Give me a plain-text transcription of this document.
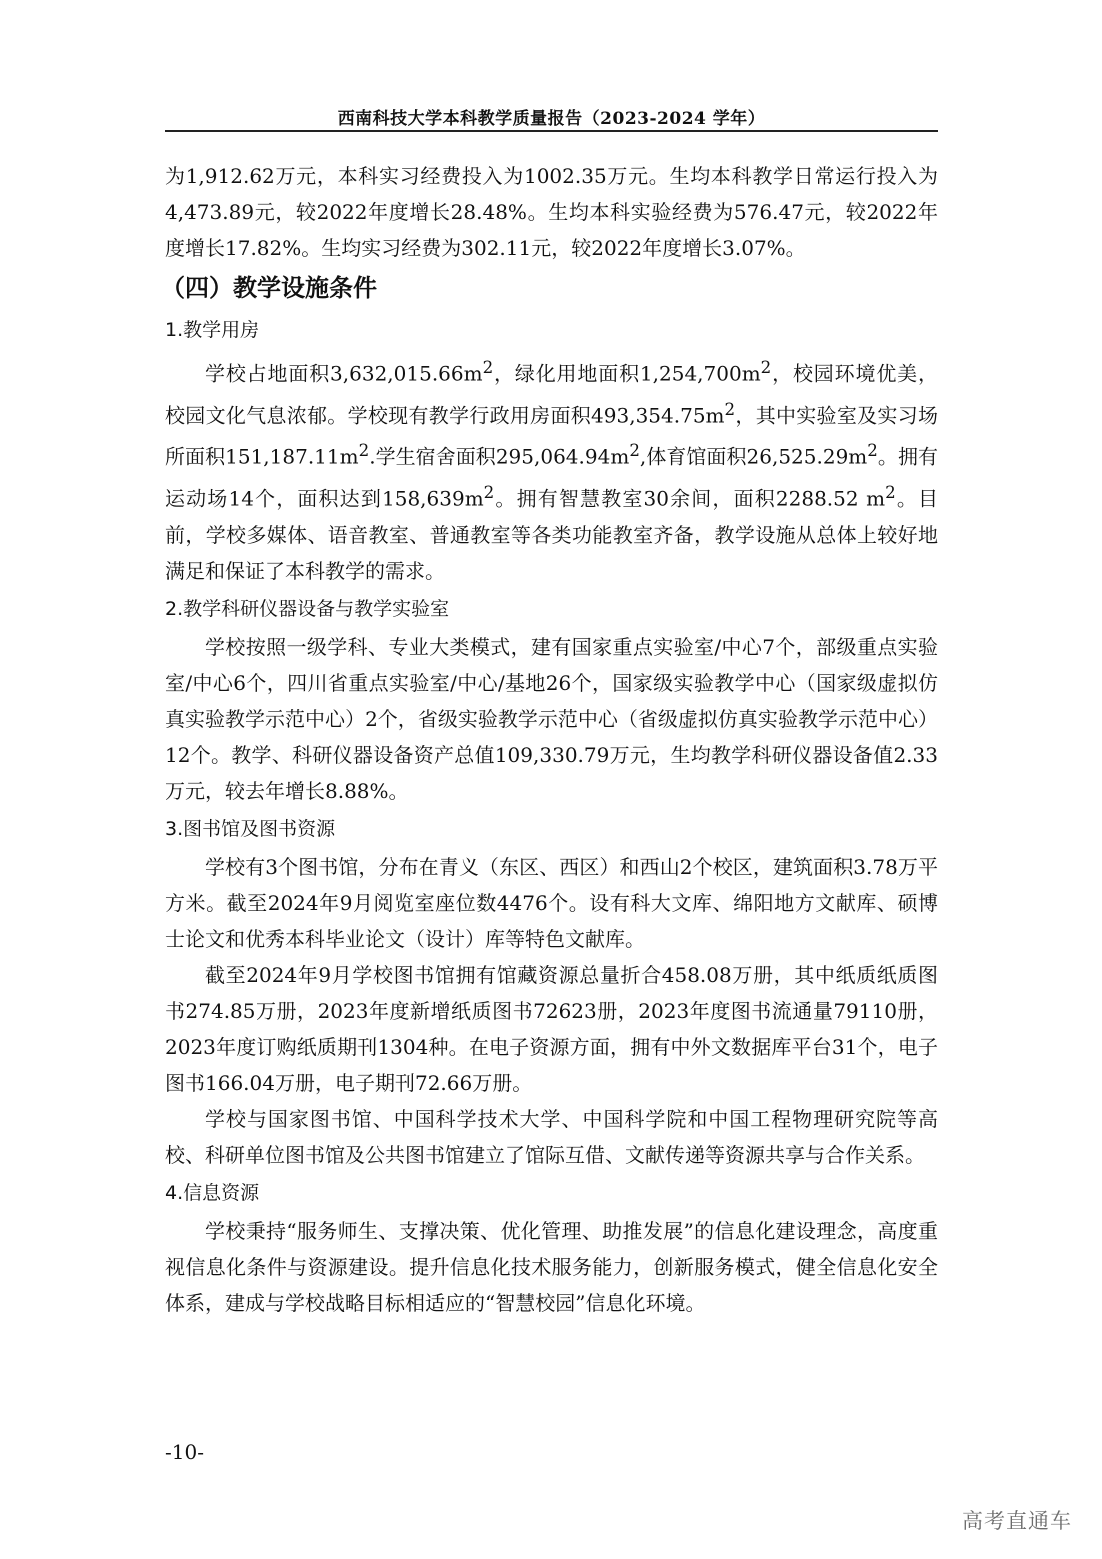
西南科技大学本科教学质量报告（2023-2024 学年）

为1,912.62万元，本科实习经费投入为1002.35万元。生均本科教学日常运行投入为4,473.89元，较2022年度增长28.48%。生均本科实验经费为576.47元，较2022年度增长17.82%。生均实习经费为302.11元，较2022年度增长3.07%。

（四）教学设施条件
1.教学用房

学校占地面积$3,632,015.66m^2$，绿化用地面积$1,254,700m^2$，校园环境优美，校园文化气息浓郁。学校现有教学行政用房面积$493,354.75m^2$，其中实验室及实习场所面积$151,187.11m^2$.学生宿舍面积$295,064.94m^2$,体育馆面积$26,525.29m^2$。拥有运动场14个，面积达到$158,639m^2$。拥有智慧教室30余间，面积2288.52 $m^2$。目前，学校多媒体、语音教室、普通教室等各类功能教室齐备，教学设施从总体上较好地满足和保证了本科教学的需求。

2.教学科研仪器设备与教学实验室

学校按照一级学科、专业大类模式，建有国家重点实验室/中心7个，部级重点实验室/中心6个，四川省重点实验室/中心/基地26个，国家级实验教学中心（国家级虚拟仿真实验教学示范中心）2个，省级实验教学示范中心（省级虚拟仿真实验教学示范中心）12个。教学、科研仪器设备资产总值109,330.79万元，生均教学科研仪器设备值2.33万元，较去年增长8.88%。

3.图书馆及图书资源

学校有3个图书馆，分布在青义（东区、西区）和西山2个校区，建筑面积3.78万平方米。截至2024年9月阅览室座位数4476个。设有科大文库、绵阳地方文献库、硕博士论文和优秀本科毕业论文（设计）库等特色文献库。

截至2024年9月学校图书馆拥有馆藏资源总量折合458.08万册，其中纸质纸质图书274.85万册，2023年度新增纸质图书72623册，2023年度图书流通量79110册，2023年度订购纸质期刊1304种。在电子资源方面，拥有中外文数据库平台31个，电子图书166.04万册，电子期刊72.66万册。

学校与国家图书馆、中国科学技术大学、中国科学院和中国工程物理研究院等高校、科研单位图书馆及公共图书馆建立了馆际互借、文献传递等资源共享与合作关系。

4.信息资源

学校秉持“服务师生、支撑决策、优化管理、助推发展”的信息化建设理念，高度重视信息化条件与资源建设。提升信息化技术服务能力，创新服务模式，健全信息化安全体系，建成与学校战略目标相适应的“智慧校园”信息化环境。

-10-
高考直通车
